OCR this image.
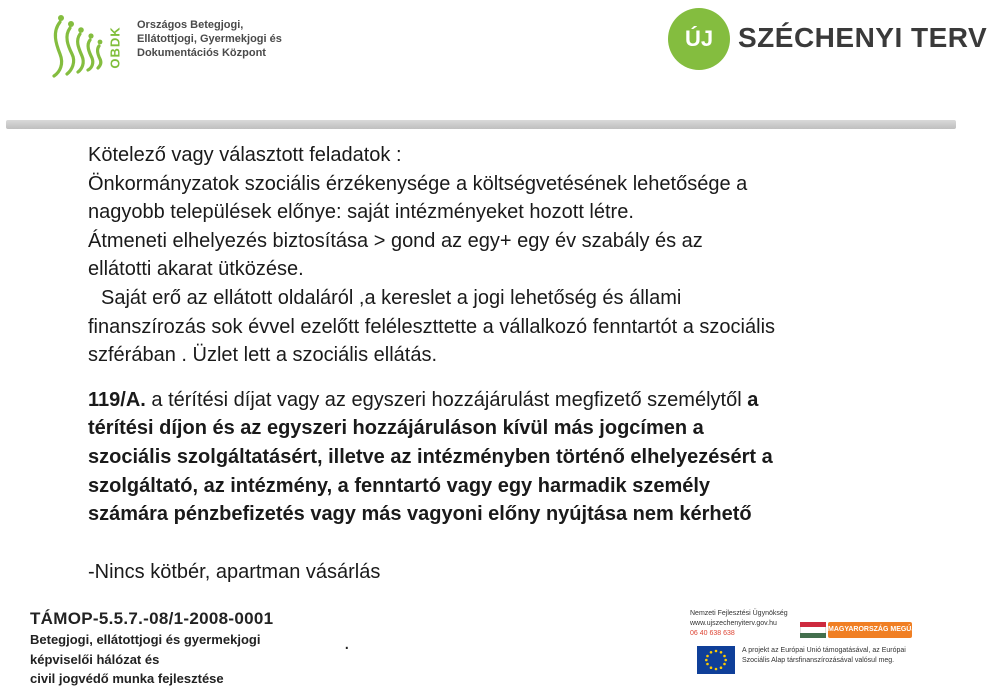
OBDK
Országos Betegjogi,
Ellátottjogi, Gyermekjogi és
Dokumentációs Központ
ÚJ SZÉCHENYI TERV

Kötelező vagy választott feladatok :

Önkormányzatok szociális érzékenysége a költségvetésének lehetősége a

nagyobb települések előnye: saját intézményeket hozott létre.

Átmeneti elhelyezés biztosítása > gond az egy+ egy év szabály és az

ellátotti akarat ütközése.

Saját erő az ellátott oldaláról ,a kereslet a jogi lehetőség és állami

finanszírozás sok évvel ezelőtt feléleszttette a vállalkozó fenntartót a szociális

szférában . Üzlet lett a szociális ellátás.

119/A. a térítési díjat vagy az egyszeri hozzájárulást megfizető személytől a

térítési díjon és az egyszeri hozzájáruláson kívül más jogcímen a

szociális szolgáltatásért, illetve az intézményben történő elhelyezésért a

szolgáltató, az intézmény, a fenntartó vagy egy harmadik személy

számára pénzbefizetés vagy más vagyoni előny nyújtása nem kérhető

-Nincs kötbér, apartman vásárlás

TÁMOP-5.5.7.-08/1-2008-0001
Betegjogi, ellátottjogi és gyermekjogi
képviselői hálózat és
civil jogvédő munka fejlesztése
.
Nemzeti Fejlesztési Ügynökség
www.ujszechenyiterv.gov.hu
06 40 638 638
MAGYARORSZÁG MEGÚJUL
A projekt az Európai Unió támogatásával, az Európai
Szociális Alap társfinanszírozásával valósul meg.
